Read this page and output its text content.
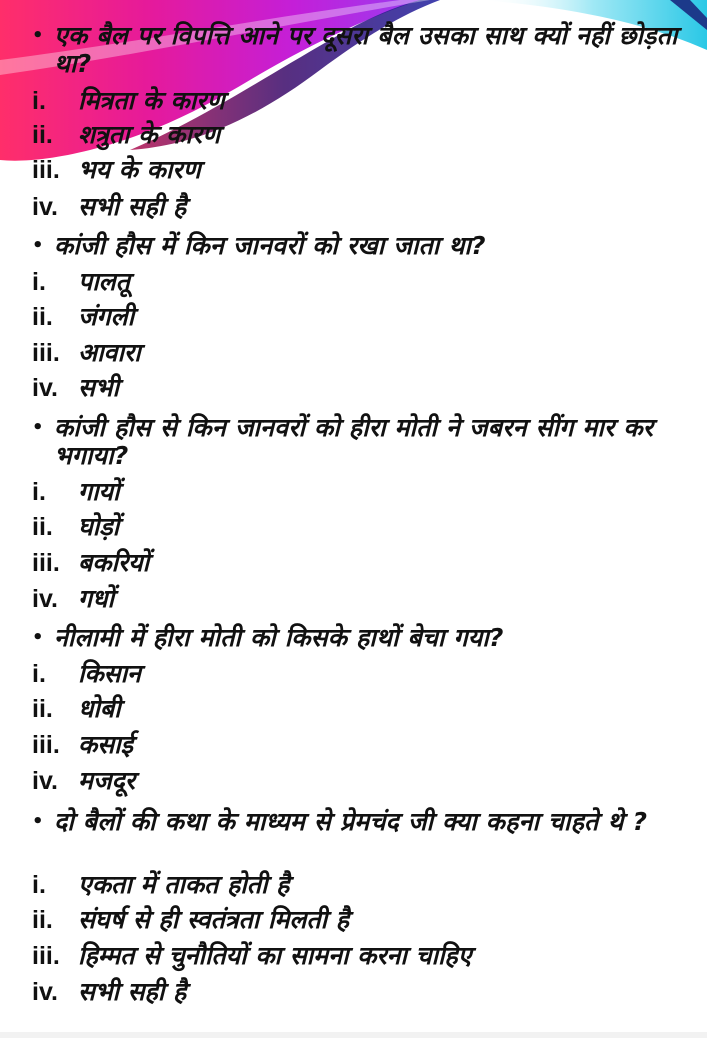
• एक बैल पर विपत्ति आने पर दूसरा बैल उसका साथ क्यों नहीं छोड़ता था?
i. मित्रता के कारण
ii. शत्रुता के कारण
iii. भय के कारण
iv. सभी सही है
• कांजी हौस में किन जानवरों को रखा जाता था?
i. पालतू
ii. जंगली
iii. आवारा
iv. सभी
• कांजी हौस से किन जानवरों को हीरा मोती ने जबरन सींग मार कर भगाया?
i. गायों
ii. घोड़ों
iii. बकरियों
iv. गधों
• नीलामी में हीरा मोती को किसके हाथों बेचा गया?
i. किसान
ii. धोबी
iii. कसाई
iv. मजदूर
• दो बैलों की कथा के माध्यम से प्रेमचंद जी क्या कहना चाहते थे ?
i. एकता में ताकत होती है
ii. संघर्ष से ही स्वतंत्रता मिलती है
iii. हिम्मत से चुनौतियों का सामना करना चाहिए
iv. सभी सही है
